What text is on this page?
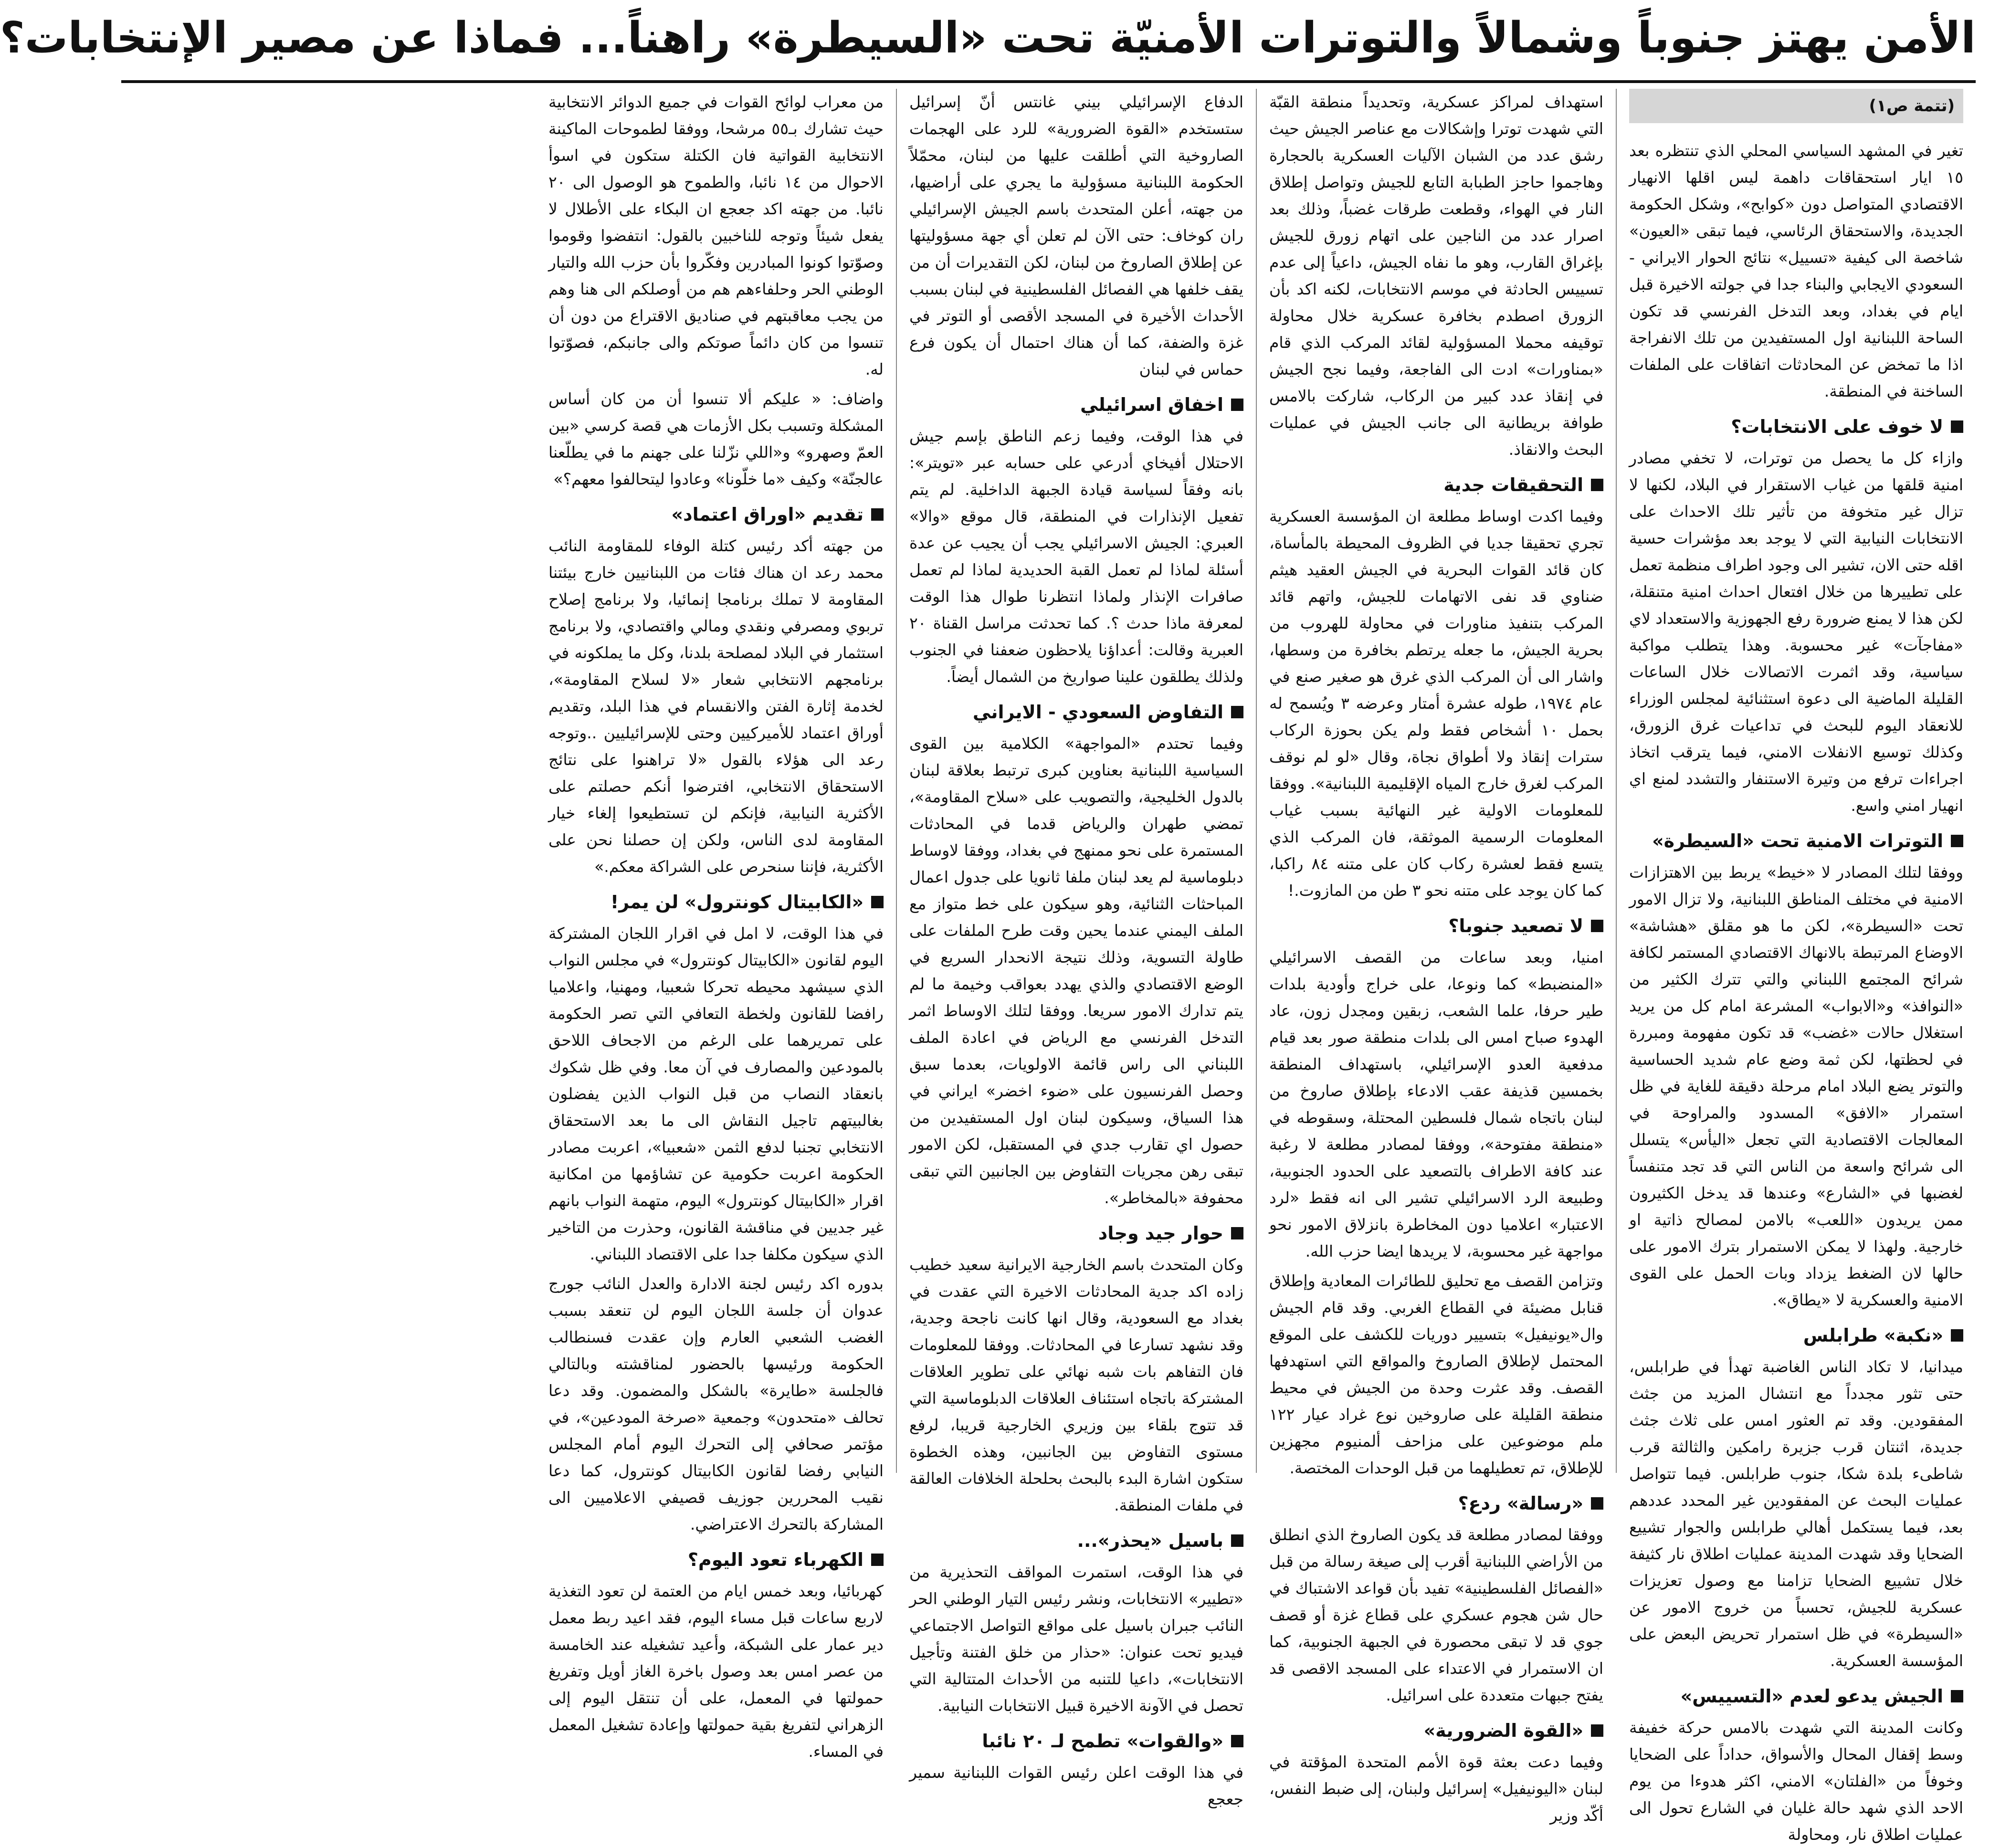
الأمن يهتز جنوباً وشمالاً والتوترات الأمنيّة تحت «السيطرة» راهناً... فماذا عن مصير الإنتخابات؟
(تتمة ص١)

تغير في المشهد السياسي المحلي الذي تنتظره بعد ١٥ ايار استحقاقات داهمة ليس اقلها الانهيار الاقتصادي المتواصل دون «كوابح»، وشكل الحكومة الجديدة، والاستحقاق الرئاسي، فيما تبقى «العيون» شاخصة الى كيفية «تسييل» نتائج الحوار الايراني - السعودي الايجابي والبناء جدا في جولته الاخيرة قبل ايام في بغداد، وبعد التدخل الفرنسي قد تكون الساحة اللبنانية اول المستفيدين من تلك الانفراجة اذا ما تمخض عن المحادثات اتفاقات على الملفات الساخنة في المنطقة.

لا خوف على الانتخابات؟

وازاء كل ما يحصل من توترات، لا تخفي مصادر امنية قلقها من غياب الاستقرار في البلاد، لكنها لا تزال غير متخوفة من تأثير تلك الاحداث على الانتخابات النيابية التي لا يوجد بعد مؤشرات حسية اقله حتى الان، تشير الى وجود اطراف منظمة تعمل على تطييرها من خلال افتعال احداث امنية متنقلة، لكن هذا لا يمنع ضرورة رفع الجهوزية والاستعداد لاي «مفاجآت» غير محسوبة. وهذا يتطلب مواكبة سياسية، وقد اثمرت الاتصالات خلال الساعات القليلة الماضية الى دعوة استثنائية لمجلس الوزراء للانعقاد اليوم للبحث في تداعيات غرق الزورق، وكذلك توسيع الانفلات الامني، فيما يترقب اتخاذ اجراءات ترفع من وتيرة الاستنفار والتشدد لمنع اي انهيار امني واسع.

التوترات الامنية تحت «السيطرة»

ووفقا لتلك المصادر لا «خيط» يربط بين الاهتزازات الامنية في مختلف المناطق اللبنانية، ولا تزال الامور تحت «السيطرة»، لكن ما هو مقلق «هشاشة» الاوضاع المرتبطة بالانهاك الاقتصادي المستمر لكافة شرائح المجتمع اللبناني والتي تترك الكثير من «النوافذ» و«الابواب» المشرعة امام كل من يريد استغلال حالات «غضب» قد تكون مفهومة ومبررة في لحظتها، لكن ثمة وضع عام شديد الحساسية والتوتر يضع البلاد امام مرحلة دقيقة للغاية في ظل استمرار «الافق» المسدود والمراوحة في المعالجات الاقتصادية التي تجعل «اليأس» يتسلل الى شرائح واسعة من الناس التي قد تجد متنفساً لغضبها في «الشارع» وعندها قد يدخل الكثيرون ممن يريدون «اللعب» بالامن لمصالح ذاتية او خارجية. ولهذا لا يمكن الاستمرار بترك الامور على حالها لان الضغط يزداد وبات الحمل على القوى الامنية والعسكرية لا «يطاق».

«نكبة» طرابلس

ميدانيا، لا تكاد الناس الغاضبة تهدأ في طرابلس، حتى تثور مجدداً مع انتشال المزيد من جثث المفقودين. وقد تم العثور امس على ثلاث جثث جديدة، اثنتان قرب جزيرة رامكين والثالثة قرب شاطىء بلدة شكا، جنوب طرابلس. فيما تتواصل عمليات البحث عن المفقودين غير المحدد عددهم بعد، فيما يستكمل أهالي طرابلس والجوار تشييع الضحايا وقد شهدت المدينة عمليات اطلاق نار كثيفة خلال تشييع الضحايا تزامنا مع وصول تعزيزات عسكرية للجيش، تحسباً من خروج الامور عن «السيطرة» في ظل استمرار تحريض البعض على المؤسسة العسكرية.

الجيش يدعو لعدم «التسييس»

وكانت المدينة التي شهدت بالامس حركة خفيفة وسط إقفال المحال والأسواق، حداداً على الضحايا وخوفاً من «الفلتان» الامني، اكثر هدوءا من يوم الاحد الذي شهد حالة غليان في الشارع تحول الى عمليات اطلاق نار، ومحاولة

استهداف لمراكز عسكرية، وتحديداً منطقة القبّة التي شهدت توترا وإشكالات مع عناصر الجيش حيث رشق عدد من الشبان الآليات العسكرية بالحجارة وهاجموا حاجز الطبابة التابع للجيش وتواصل إطلاق النار في الهواء، وقطعت طرقات غضباً، وذلك بعد اصرار عدد من الناجين على اتهام زورق للجيش بإغراق القارب، وهو ما نفاه الجيش، داعياً إلى عدم تسييس الحادثة في موسم الانتخابات، لكنه اكد بأن الزورق اصطدم بخافرة عسكرية خلال محاولة توقيفه محملا المسؤولية لقائد المركب الذي قام «بمناورات» ادت الى الفاجعة، وفيما نجح الجيش في إنقاذ عدد كبير من الركاب، شاركت بالامس طوافة بريطانية الى جانب الجيش في عمليات البحث والانقاذ.

التحقيقات جدية

وفيما اكدت اوساط مطلعة ان المؤسسة العسكرية تجري تحقيقا جديا في الظروف المحيطة بالمأساة، كان قائد القوات البحرية في الجيش العقيد هيثم ضناوي قد نفى الاتهامات للجيش، واتهم قائد المركب بتنفيذ مناورات في محاولة للهروب من بحرية الجيش، ما جعله يرتطم بخافرة من وسطها، واشار الى أن المركب الذي غرق هو صغير صنع في عام ١٩٧٤، طوله عشرة أمتار وعرضه ٣ ويُسمح له بحمل ١٠ أشخاص فقط ولم يكن بحوزة الركاب سترات إنقاذ ولا أطواق نجاة، وقال «لو لم نوقف المركب لغرق خارج المياه الإقليمية اللبنانية». ووفقا للمعلومات الاولية غير النهائية بسبب غياب المعلومات الرسمية الموثقة، فان المركب الذي يتسع فقط لعشرة ركاب كان على متنه ٨٤ راكبا، كما كان يوجد على متنه نحو ٣ طن من المازوت.!

لا تصعيد جنوبا؟

امنيا، وبعد ساعات من القصف الاسرائيلي «المنضبط» كما ونوعا، على خراج وأودية بلدات طير حرفا، علما الشعب، زبقين ومجدل زون، عاد الهدوء صباح امس الى بلدات منطقة صور بعد قيام مدفعية العدو الإسرائيلي، باستهداف المنطقة بخمسين قذيفة عقب الادعاء بإطلاق صاروخ من لبنان باتجاه شمال فلسطين المحتلة، وسقوطه في «منطقة مفتوحة»، ووفقا لمصادر مطلعة لا رغبة عند كافة الاطراف بالتصعيد على الحدود الجنوبية، وطبيعة الرد الاسرائيلي تشير الى انه فقط «لرد الاعتبار» اعلاميا دون المخاطرة بانزلاق الامور نحو مواجهة غير محسوبة، لا يريدها ايضا حزب الله.

وتزامن القصف مع تحليق للطائرات المعادية وإطلاق قنابل مضيئة في القطاع الغربي. وقد قام الجيش وال«يونيفيل» بتسيير دوريات للكشف على الموقع المحتمل لإطلاق الصاروخ والمواقع التي استهدفها القصف. وقد عثرت وحدة من الجيش في محيط منطقة القليلة على صاروخين نوع غراد عيار ١٢٢ ملم موضوعين على مزاحف ألمنيوم مجهزين للإطلاق، تم تعطيلهما من قبل الوحدات المختصة.

«رسالة» ردع؟

ووفقا لمصادر مطلعة قد يكون الصاروخ الذي انطلق من الأراضي اللبنانية أقرب إلى صيغة رسالة من قبل «الفصائل الفلسطينية» تفيد بأن قواعد الاشتباك في حال شن هجوم عسكري على قطاع غزة أو قصف جوي قد لا تبقى محصورة في الجبهة الجنوبية، كما ان الاستمرار في الاعتداء على المسجد الاقصى قد يفتح جبهات متعددة على اسرائيل.

«القوة الضرورية»

وفيما دعت بعثة قوة الأمم المتحدة المؤقتة في لبنان «اليونيفيل» إسرائيل ولبنان، إلى ضبط النفس، أكّد وزير

الدفاع الإسرائيلي بيني غانتس أنّ إسرائيل ستستخدم «القوة الضرورية» للرد على الهجمات الصاروخية التي أطلقت عليها من لبنان، محمّلاً الحكومة اللبنانية مسؤولية ما يجري على أراضيها، من جهته، أعلن المتحدث باسم الجيش الإسرائيلي ران كوخاف: حتى الآن لم تعلن أي جهة مسؤوليتها عن إطلاق الصاروخ من لبنان، لكن التقديرات أن من يقف خلفها هي الفصائل الفلسطينية في لبنان بسبب الأحداث الأخيرة في المسجد الأقصى أو التوتر في غزة والضفة، كما أن هناك احتمال أن يكون فرع حماس في لبنان

اخفاق اسرائيلي

في هذا الوقت، وفيما زعم الناطق بإسم جيش الاحتلال أفيخاي أدرعي على حسابه عبر «تويتر»: بانه وفقاً لسياسة قيادة الجبهة الداخلية. لم يتم تفعيل الإنذارات في المنطقة، قال موقع «والا» العبري: الجيش الاسرائيلي يجب أن يجيب عن عدة أسئلة لماذا لم تعمل القبة الحديدية لماذا لم تعمل صافرات الإنذار ولماذا انتظرنا طوال هذا الوقت لمعرفة ماذا حدث ؟. كما تحدثت مراسل القناة ٢٠ العبرية وقالت: أعداؤنا يلاحظون ضعفنا في الجنوب ولذلك يطلقون علينا صواريخ من الشمال أيضاً.

التفاوض السعودي - الايراني

وفيما تحتدم «المواجهة» الكلامية بين القوى السياسية اللبنانية بعناوين كبرى ترتبط بعلاقة لبنان بالدول الخليجية، والتصويب على «سلاح المقاومة»، تمضي طهران والرياض قدما في المحادثات المستمرة على نحو ممنهج في بغداد، ووفقا لاوساط دبلوماسية لم يعد لبنان ملفا ثانويا على جدول اعمال المباحثات الثنائية، وهو سيكون على خط متواز مع الملف اليمني عندما يحين وقت طرح الملفات على طاولة التسوية، وذلك نتيجة الانحدار السريع في الوضع الاقتصادي والذي يهدد بعواقب وخيمة ما لم يتم تدارك الامور سريعا. ووفقا لتلك الاوساط اثمر التدخل الفرنسي مع الرياض في اعادة الملف اللبناني الى راس قائمة الاولويات، بعدما سبق وحصل الفرنسيون على «ضوء اخضر» ايراني في هذا السياق، وسيكون لبنان اول المستفيدين من حصول اي تقارب جدي في المستقبل، لكن الامور تبقى رهن مجريات التفاوض بين الجانبين التي تبقى محفوفة «بالمخاطر».

حوار جيد وجاد

وكان المتحدث باسم الخارجية الايرانية سعيد خطيب زاده اكد جدية المحادثات الاخيرة التي عقدت في بغداد مع السعودية، وقال انها كانت ناجحة وجدية، وقد نشهد تسارعا في المحادثات. ووفقا للمعلومات فان التفاهم بات شبه نهائي على تطوير العلاقات المشتركة باتجاه استئناف العلاقات الدبلوماسية التي قد تتوج بلقاء بين وزيري الخارجية قريبا، لرفع مستوى التفاوض بين الجانبين، وهذه الخطوة ستكون اشارة البدء بالبحث بحلحلة الخلافات العالقة في ملفات المنطقة.

باسيل «يحذر»...

في هذا الوقت، استمرت المواقف التحذيرية من «تطيير» الانتخابات، ونشر رئيس التيار الوطني الحر النائب جبران باسيل على مواقع التواصل الاجتماعي فيديو تحت عنوان: «حذار من خلق الفتنة وتأجيل الانتخابات»، داعيا للتنبه من الأحداث المتتالية التي تحصل في الآونة الاخيرة قبيل الانتخابات النيابية.

«والقوات» تطمح لـ ٢٠ نائبا

في هذا الوقت اعلن رئيس القوات اللبنانية سمير جعجع

من معراب لوائح القوات في جميع الدوائر الانتخابية حيث تشارك بـ٥٥ مرشحا، ووفقا لطموحات الماكينة الانتخابية القواتية فان الكتلة ستكون في اسوأ الاحوال من ١٤ نائبا، والطموح هو الوصول الى ٢٠ نائبا. من جهته اكد جعجع ان البكاء على الأطلال لا يفعل شيئاً وتوجه للناخبين بالقول: انتفضوا وقوموا وصوّتوا كونوا المبادرين وفكّروا بأن حزب الله والتيار الوطني الحر وحلفاءهم هم من أوصلكم الى هنا وهم من يجب معاقبتهم في صناديق الاقتراع من دون أن تنسوا من كان دائماً صوتكم والى جانبكم، فصوّتوا له.

واضاف: « عليكم ألا تنسوا أن من كان أساس المشكلة وتسبب بكل الأزمات هي قصة كرسي «بين العمّ وصهرو» و«اللي نزّلنا على جهنم ما في يطلّعنا عالجنّة» وكيف «ما خلّونا» وعادوا ليتحالفوا معهم؟»

تقديم «اوراق اعتماد»

من جهته أكد رئيس كتلة الوفاء للمقاومة النائب محمد رعد ان هناك فئات من اللبنانيين خارج بيئتنا المقاومة لا تملك برنامجا إنمائيا، ولا برنامج إصلاح تربوي ومصرفي ونقدي ومالي واقتصادي، ولا برنامج استثمار في البلاد لمصلحة بلدنا، وكل ما يملكونه في برنامجهم الانتخابي شعار «لا لسلاح المقاومة»، لخدمة إثارة الفتن والانقسام في هذا البلد، وتقديم أوراق اعتماد للأميركيين وحتى للإسرائيليين ..وتوجه رعد الى هؤلاء بالقول «لا تراهنوا على نتائج الاستحقاق الانتخابي، افترضوا أنكم حصلتم على الأكثرية النيابية، فإنكم لن تستطيعوا إلغاء خيار المقاومة لدى الناس، ولكن إن حصلنا نحن على الأكثرية، فإننا سنحرص على الشراكة معكم.»

«الكابيتال كونترول» لن يمر!

في هذا الوقت، لا امل في اقرار اللجان المشتركة اليوم لقانون «الكابيتال كونترول» في مجلس النواب الذي سيشهد محيطه تحركا شعبيا، ومهنيا، واعلاميا رافضا للقانون ولخطة التعافي التي تصر الحكومة على تمريرهما على الرغم من الاجحاف اللاحق بالمودعين والمصارف في آن معا. وفي ظل شكوك بانعقاد النصاب من قبل النواب الذين يفضلون بغالبيتهم تاجيل النقاش الى ما بعد الاستحقاق الانتخابي تجنبا لدفع الثمن «شعبيا»، اعربت مصادر الحكومة اعربت حكومية عن تشاؤمها من امكانية اقرار «الكابيتال كونترول» اليوم، متهمة النواب بانهم غير جديين في مناقشة القانون، وحذرت من التاخير الذي سيكون مكلفا جدا على الاقتصاد اللبناني.

بدوره اكد رئيس لجنة الادارة والعدل النائب جورج عدوان أن جلسة اللجان اليوم لن تنعقد بسبب الغضب الشعبي العارم وإن عقدت فسنطالب الحكومة ورئيسها بالحضور لمناقشته وبالتالي فالجلسة «طايرة» بالشكل والمضمون. وقد دعا تحالف «متحدون» وجمعية «صرخة المودعين»، في مؤتمر صحافي إلى التحرك اليوم أمام المجلس النيابي رفضا لقانون الكابيتال كونترول، كما دعا نقيب المحررين جوزيف قصيفي الاعلاميين الى المشاركة بالتحرك الاعتراضي.

الكهرباء تعود اليوم؟

كهربائيا، وبعد خمس ايام من العتمة لن تعود التغذية لاربع ساعات قبل مساء اليوم، فقد اعيد ربط معمل دير عمار على الشبكة، وأعيد تشغيله عند الخامسة من عصر امس بعد وصول باخرة الغاز أويل وتفريغ حمولتها في المعمل، على أن تنتقل اليوم إلى الزهراني لتفريغ بقية حمولتها وإعادة تشغيل المعمل في المساء.
